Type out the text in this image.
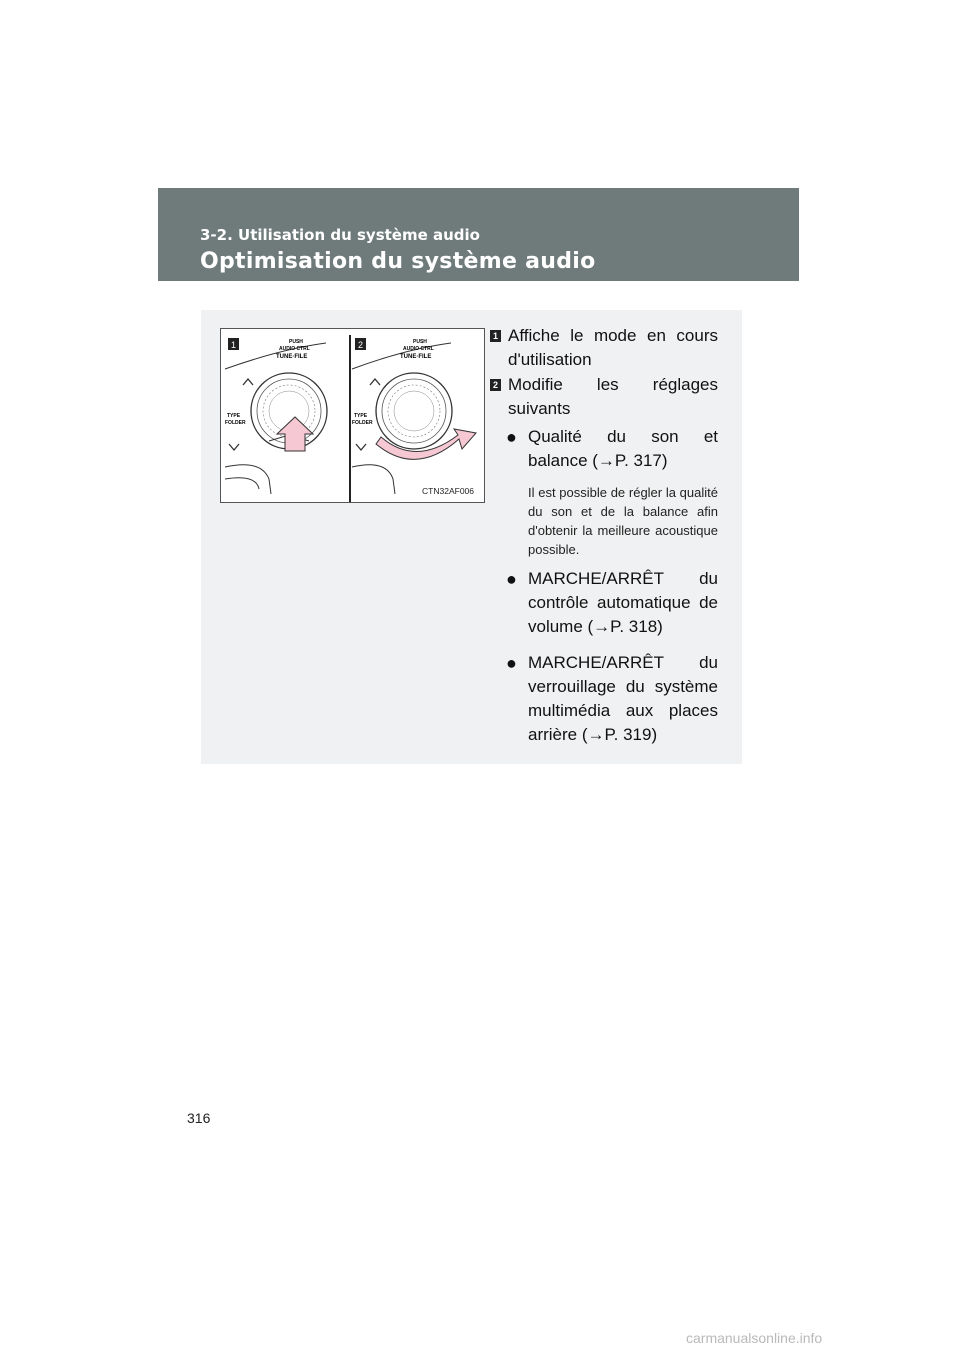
3-2. Utilisation du système audio
Optimisation du système audio
1	PUSH
AUDIO CTRL
TUNE·FILE
TYPE
FOLDER
2	PUSH
AUDIO CTRL
TUNE·FILE
TYPE
FOLDER
CTN32AF006
1 Affiche le mode en cours d'utilisation
2 Modifie les réglages suivants
● Qualité du son et balance (→P. 317)
Il est possible de régler la qualité du son et de la balance afin d'obtenir la meilleure acoustique possible.
● MARCHE/ARRÊT du contrôle automatique de volume (→P. 318)
● MARCHE/ARRÊT du verrouillage du système multimédia aux places arrière (→P. 319)
316
carmanualsonline.info
